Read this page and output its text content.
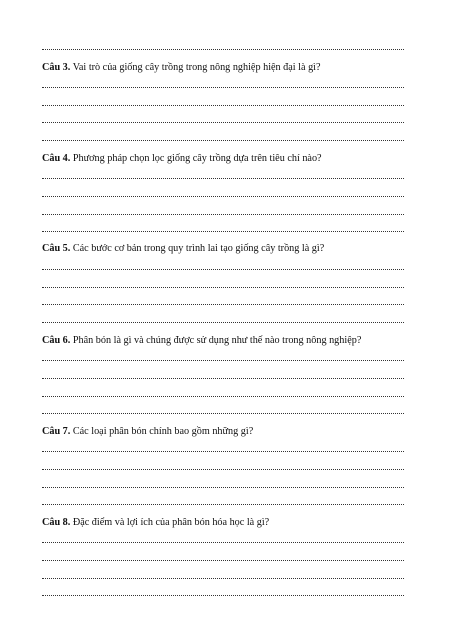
Câu 3. Vai trò của giống cây trồng trong nông nghiệp hiện đại là gì?
Câu 4. Phương pháp chọn lọc giống cây trồng dựa trên tiêu chí nào?
Câu 5. Các bước cơ bản trong quy trình lai tạo giống cây trồng là gì?
Câu 6. Phân bón là gì và chúng được sử dụng như thế nào trong nông nghiệp?
Câu 7. Các loại phân bón chính bao gồm những gì?
Câu 8. Đặc điểm và lợi ích của phân bón hóa học là gì?
